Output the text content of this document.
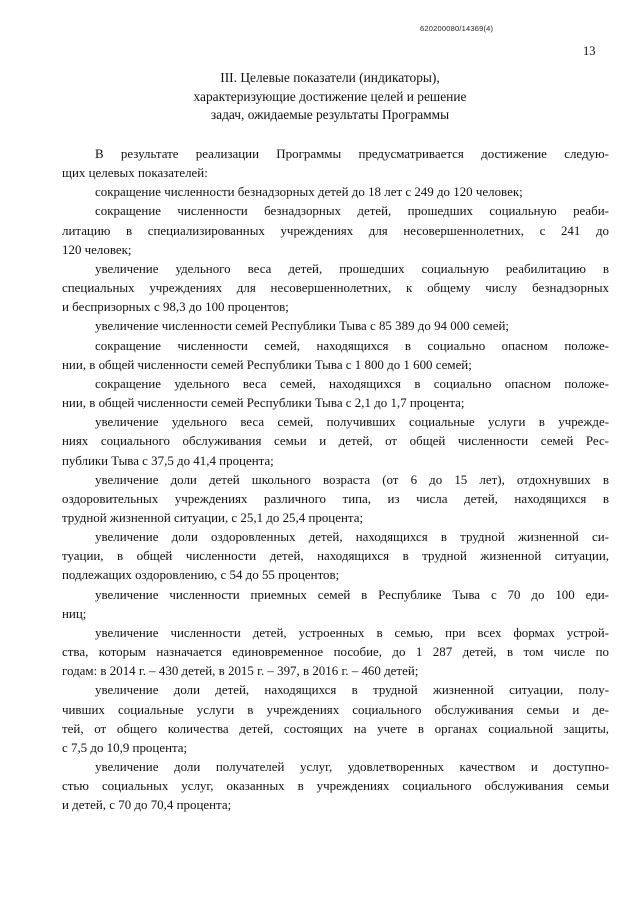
620200080/14369(4)
13
III. Целевые показатели (индикаторы),
характеризующие достижение целей и решение
задач, ожидаемые результаты Программы
В результате реализации Программы предусматривается достижение следую-
щих целевых показателей:
сокращение численности безнадзорных детей до 18 лет с 249 до 120 человек;
сокращение численности безнадзорных детей, прошедших социальную реаби-
литацию в специализированных учреждениях для несовершеннолетних, с 241 до
120 человек;
увеличение удельного веса детей, прошедших социальную реабилитацию в
специальных учреждениях для несовершеннолетних, к общему числу безнадзорных
и беспризорных с 98,3 до 100 процентов;
увеличение численности семей Республики Тыва с 85 389 до 94 000 семей;
сокращение численности семей, находящихся в социально опасном положе-
нии, в общей численности семей Республики Тыва с 1 800 до 1 600 семей;
сокращение удельного веса семей, находящихся в социально опасном положе-
нии, в общей численности семей Республики Тыва с 2,1 до 1,7 процента;
увеличение удельного веса семей, получивших социальные услуги в учрежде-
ниях социального обслуживания семьи и детей, от общей численности семей Рес-
публики Тыва с 37,5 до 41,4 процента;
увеличение доли детей школьного возраста (от 6 до 15 лет), отдохнувших в
оздоровительных учреждениях различного типа, из числа детей, находящихся в
трудной жизненной ситуации, с 25,1 до 25,4 процента;
увеличение доли оздоровленных детей, находящихся в трудной жизненной си-
туации, в общей численности детей, находящихся в трудной жизненной ситуации,
подлежащих оздоровлению, с 54 до 55 процентов;
увеличение численности приемных семей в Республике Тыва с 70 до 100 еди-
ниц;
увеличение численности детей, устроенных в семью, при всех формах устрой-
ства, которым назначается единовременное пособие, до 1 287 детей, в том числе по
годам: в 2014 г. – 430 детей, в 2015 г. – 397, в 2016 г. – 460 детей;
увеличение доли детей, находящихся в трудной жизненной ситуации, полу-
чивших социальные услуги в учреждениях социального обслуживания семьи и де-
тей, от общего количества детей, состоящих на учете в органах социальной защиты,
с 7,5 до 10,9 процента;
увеличение доли получателей услуг, удовлетворенных качеством и доступно-
стью социальных услуг, оказанных в учреждениях социального обслуживания семьи
и детей, с 70 до 70,4 процента;
